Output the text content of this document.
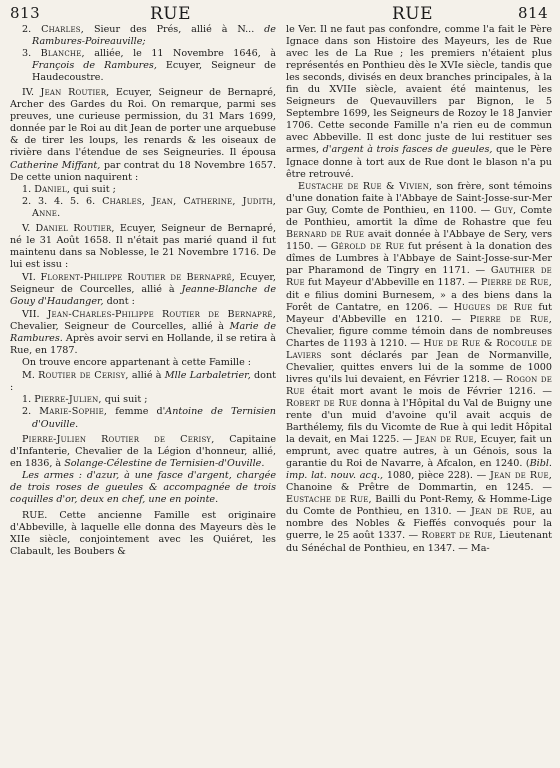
813	RUE	RUE	814

2. Charles, Sieur des Prés, allié à N... de Rambures-Poireauville;

3. Blanche, alliée, le 11 Novembre 1646, à François de Rambures, Ecuyer, Seigneur de Haudecoustre.

IV. Jean Routier, Ecuyer, Seigneur de Bernapré, Archer des Gardes du Roi. On remarque, parmi ses preuves, une curieuse permission, du 31 Mars 1699, donnée par le Roi au dit Jean de porter une arquebuse & de tirer les loups, les renards & les oiseaux de rivière dans l'étendue de ses Seigneuries. Il épousa Catherine Miffant, par contrat du 18 Novembre 1657. De cette union naquirent :

1. Daniel, qui suit ;

2. 3. 4. 5. 6. Charles, Jean, Catherine, Judith, Anne.

V. Daniel Routier, Ecuyer, Seigneur de Bernapré, né le 31 Août 1658. Il n'était pas marié quand il fut maintenu dans sa Noblesse, le 21 Novembre 1716. De lui est issu :

VI. Florent-Philippe Routier de Bernapré, Ecuyer, Seigneur de Courcelles, allié à Jeanne-Blanche de Gouy d'Haudanger, dont :

VII. Jean-Charles-Philippe Routier de Bernapré, Chevalier, Seigneur de Courcelles, allié à Marie de Rambures. Après avoir servi en Hollande, il se retira à Rue, en 1787.

On trouve encore appartenant à cette Famille :

M. Routier de Cerisy, allié à Mlle Larbaletrier, dont :

1. Pierre-Julien, qui suit ;

2. Marie-Sophie, femme d'Antoine de Ternisien d'Ouville.

Pierre-Julien Routier de Cerisy, Capitaine d'Infanterie, Chevalier de la Légion d'honneur, allié, en 1836, à Solange-Célestine de Ternisien-d'Ouville.

Les armes : d'azur, à une fasce d'argent, chargée de trois roses de gueules & accompagnée de trois coquilles d'or, deux en chef, une en pointe.

RUE. Cette ancienne Famille est originaire d'Abbeville, à laquelle elle donna des Mayeurs dès le XIIe siècle, conjointement avec les Quiéret, les Clabault, les Boubers &

le Ver. Il ne faut pas confondre, comme l'a fait le Père Ignace dans son Histoire des Mayeurs, les de Rue avec les de La Rue ; les premiers n'étaient plus représentés en Ponthieu dès le XVIe siècle, tandis que les seconds, divisés en deux branches principales, à la fin du XVIIe siècle, avaient été maintenus, les Seigneurs de Quevauvillers par Bignon, le 5 Septembre 1699, les Seigneurs de Rozoy le 18 Janvier 1706. Cette seconde Famille n'a rien eu de commun avec Abbeville. Il est donc juste de lui restituer ses armes, d'argent à trois fasces de gueules, que le Père Ignace donne à tort aux de Rue dont le blason n'a pu être retrouvé.

Eustache de Rue & Vivien, son frère, sont témoins d'une donation faite à l'Abbaye de Saint-Josse-sur-Mer par Guy, Comte de Ponthieu, en 1100. — Guy, Comte de Ponthieu, amortit la dîme de Rohastre que feu Bernard de Rue avait donnée à l'Abbaye de Sery, vers 1150. — Gérold de Rue fut présent à la donation des dîmes de Lumbres à l'Abbaye de Saint-Josse-sur-Mer par Pharamond de Tingry en 1171. — Gauthier de Rue fut Mayeur d'Abbeville en 1187. — Pierre de Rue, dit e filius domini Burnesem, » a des biens dans la Forêt de Cantatre, en 1206. — Hugues de Rue fut Mayeur d'Abbeville en 1210. — Pierre de Rue, Chevalier, figure comme témoin dans de nombreuses Chartes de 1193 à 1210. — Hue de Rue & Rocoule de Laviers sont déclarés par Jean de Normanville, Chevalier, quittes envers lui de la somme de 1000 livres qu'ils lui devaient, en Février 1218. — Rogon de Rue était mort avant le mois de Février 1216. — Robert de Rue donna à l'Hôpital du Val de Buigny une rente d'un muid d'avoine qu'il avait acquis de Barthélemy, fils du Vicomte de Rue à qui ledit Hôpital la devait, en Mai 1225. — Jean de Rue, Ecuyer, fait un emprunt, avec quatre autres, à un Génois, sous la garantie du Roi de Navarre, à Afcalon, en 1240. (Bibl. imp. lat. nouv. acq., 1080, pièce 228). — Jean de Rue, Chanoine & Prêtre de Dommartin, en 1245. — Eustache de Rue, Bailli du Pont-Remy, & Homme-Lige du Comte de Ponthieu, en 1310. — Jean de Rue, au nombre des Nobles & Fieffés convoqués pour la guerre, le 25 août 1337. — Robert de Rue, Lieutenant du Sénéchal de Ponthieu, en 1347. — Ma-
